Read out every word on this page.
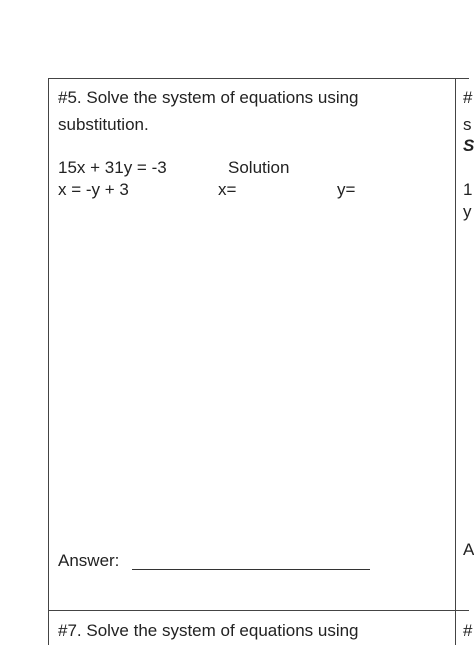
#5. Solve the system of equations using
substitution.
15x + 31y = -3	Solution
x = -y + 3	x=	y=
Answer:
#
s
S
1
y
A
#7. Solve the system of equations using	#
